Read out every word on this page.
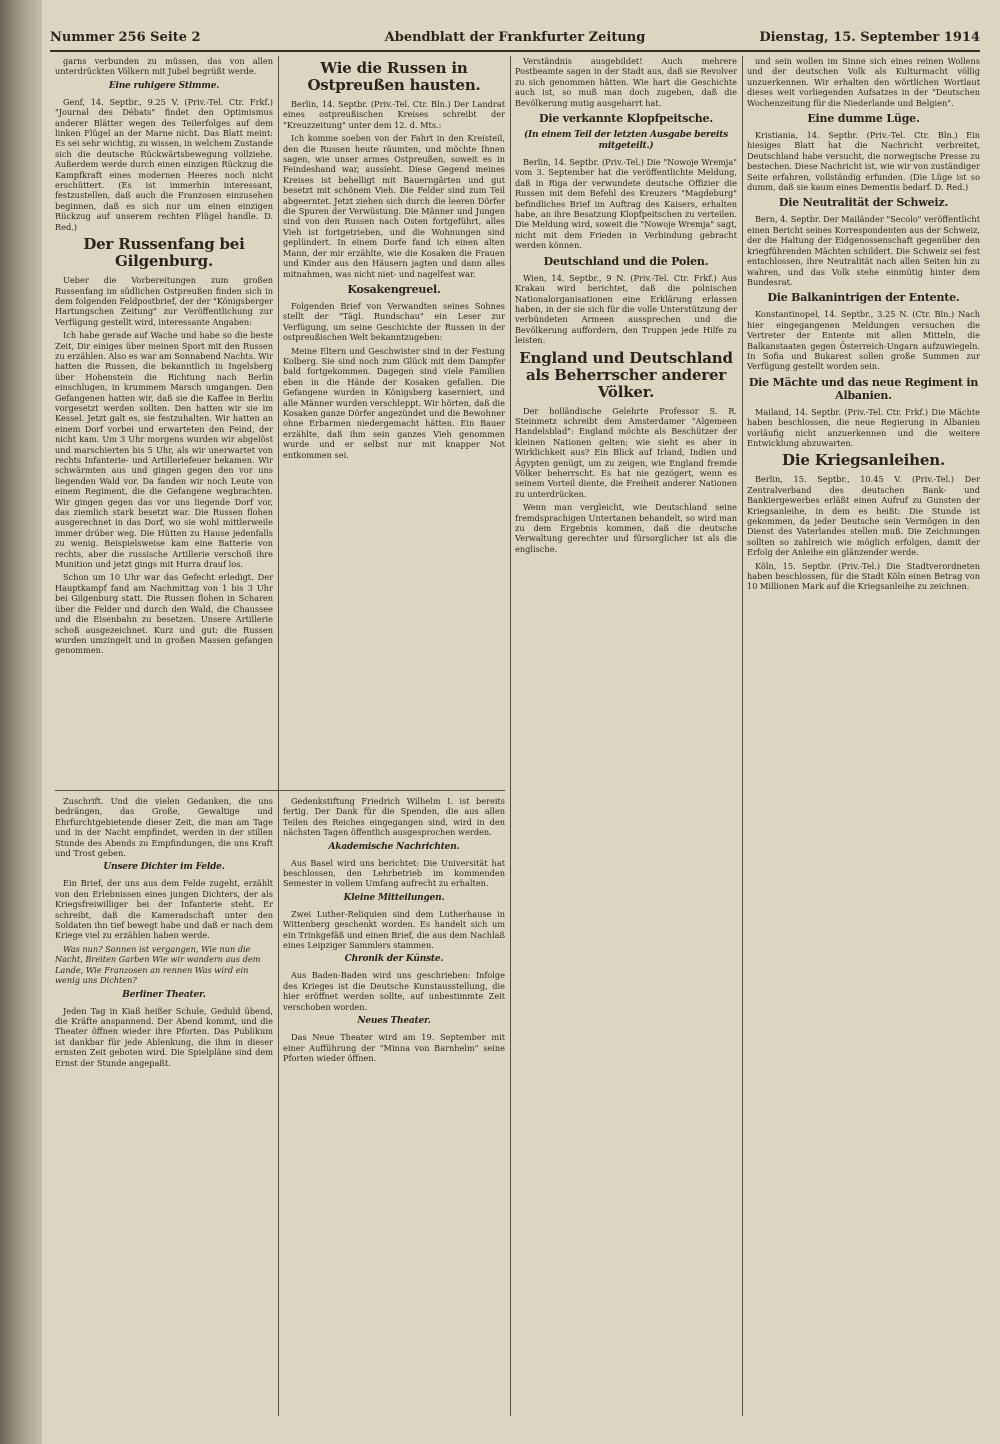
Nummer 256 Seite 2	Abendblatt der Frankfurter Zeitung	Dienstag, 15. September 1914

garns verbunden zu müssen, das von allen unterdrückten Völkern mit Jubel begrüßt werde.

Eine ruhigere Stimme.

Genf, 14. Septbr., 9.25 V. (Priv.-Tel. Ctr. Frkf.) "Journal des Débats" findet den Optimismus anderer Blätter wegen des Teilerfolges auf dem linken Flügel an der Marne nicht. Das Blatt meint: Es sei sehr wichtig, zu wissen, in welchem Zustande sich die deutsche Rückwärtsbewegung vollziehe. Außerdem werde durch einen einzigen Rückzug die Kampfkraft eines modernen Heeres noch nicht erschüttert. (Es ist immerhin interessant, festzustellen, daß auch die Franzosen einzusehen beginnen, daß es sich nur um einen einzigen Rückzug auf unserem rechten Flügel handle. D. Red.)

Der Russenfang bei Gilgenburg.

Ueber die Vorbereitungen zum großen Russenfang im südlichen Ostpreußen finden sich in dem folgenden Feldpostbrief, der der "Königsberger Hartungschen Zeitung" zur Veröffentlichung zur Verfügung gestellt wird, interessante Angaben:

Ich habe gerade auf Wache und habe so die beste Zeit, Dir einiges über meinen Sport mit den Russen zu erzählen. Also es war am Sonnabend Nachts. Wir hatten die Russen, die bekanntlich in Ingelsberg über Hohenstein die Richtung nach Berlin einschlugen, in krummem Marsch umgangen. Den Gefangenen hatten wir, daß sie die Kaffee in Berlin vorgesetzt werden sollten. Den hatten wir sie im Kessel. Jetzt galt es, sie festzuhalten. Wir hatten an einem Dorf vorbei und erwarteten den Feind, der nicht kam. Um 3 Uhr morgens wurden wir abgelöst und marschierten bis 5 Uhr, als wir unerwartet von rechts Infanterie- und Artilleriefeuer bekamen. Wir schwärmten aus und gingen gegen den vor uns liegenden Wald vor. Da fanden wir noch Leute von einem Regiment, die die Gefangene wegbrachten. Wir gingen gegen das vor uns liegende Dorf vor, das ziemlich stark besetzt war. Die Russen flohen ausgerechnet in das Dorf, wo sie wohl mittlerweile immer drüber weg. Die Hütten zu Hause jedenfalls zu wenig. Beispielsweise kam eine Batterie von rechts, aber die russische Artillerie verschoß ihre Munition und jetzt gings mit Hurra drauf los.

Schon um 10 Uhr war das Gefecht erledigt. Der Hauptkampf fand am Nachmittag von 1 bis 3 Uhr bei Gilgenburg statt. Die Russen flohen in Scharen über die Felder und durch den Wald, die Chaussee und die Eisenbahn zu besetzen. Unsere Artillerie schoß ausgezeichnet. Kurz und gut: die Russen wurden umzingelt und in großen Massen gefangen genommen.

Wie die Russen in Ostpreußen hausten.

Berlin, 14. Septbr. (Priv.-Tel. Ctr. Bln.) Der Landrat eines ostpreußischen Kreises schreibt der "Kreuzzeitung" unter dem 12. d. Mts.:

Ich komme soeben von der Fahrt in den Kreisteil, den die Russen heute räumten, und möchte Ihnen sagen, wie unser armes Ostpreußen, soweit es in Feindeshand war, aussieht. Diese Gegend meines Kreises ist behelligt mit Bauerngärten und gut besetzt mit schönem Vieh. Die Felder sind zum Teil abgeerntet. Jetzt ziehen sich durch die leeren Dörfer die Spuren der Verwüstung. Die Männer und Jungen sind von den Russen nach Osten fortgeführt, alles Vieh ist fortgetrieben, und die Wohnungen sind geplündert. In einem Dorfe fand ich einen alten Mann, der mir erzählte, wie die Kosaken die Frauen und Kinder aus den Häusern jagten und dann alles mitnahmen, was nicht niet- und nagelfest war.

Kosakengreuel.

Folgenden Brief von Verwandten seines Sohnes stellt der "Tägl. Rundschau" ein Leser zur Verfügung, um seine Geschichte der Russen in der ostpreußischen Welt bekanntzugeben:

Meine Eltern und Geschwister sind in der Festung Kolberg. Sie sind noch zum Glück mit dem Dampfer bald fortgekommen. Dagegen sind viele Familien eben in die Hände der Kosaken gefallen. Die Gefangene wurden in Königsberg kaserniert, und alle Männer wurden verschleppt. Wir hörten, daß die Kosaken ganze Dörfer angezündet und die Bewohner ohne Erbarmen niedergemacht hätten. Ein Bauer erzählte, daß ihm sein ganzes Vieh genommen wurde und er selbst nur mit knapper Not entkommen sei.

Verständnis ausgebildet! Auch mehrere Postbeamte sagen in der Stadt aus, daß sie Revolver zu sich genommen hätten. Wie hart die Geschichte auch ist, so muß man doch zugeben, daß die Bevölkerung mutig ausgeharrt hat.

Die verkannte Klopfpeitsche.
(In einem Teil der letzten Ausgabe bereits mitgeteilt.)

Berlin, 14. Septbr. (Priv.-Tel.) Die "Nowoje Wremja" vom 3. September hat die veröffentlichte Meldung, daß in Riga der verwundete deutsche Offizier die Russen mit dem Befehl des Kreuzers "Magdeburg" befindliches Brief im Auftrag des Kaisers, erhalten habe, an ihre Besatzung Klopfpeitschen zu verteilen. Die Meldung wird, soweit die "Nowoje Wremja" sagt, nicht mit dem Frieden in Verbindung gebracht werden können.

Deutschland und die Polen.

Wien, 14. Septbr., 9 N. (Priv.-Tel. Ctr. Frkf.) Aus Krakau wird berichtet, daß die polnischen Nationalorganisationen eine Erklärung erlassen haben, in der sie sich für die volle Unterstützung der verbündeten Armeen aussprechen und die Bevölkerung auffordern, den Truppen jede Hilfe zu leisten.

England und Deutschland als Beherrscher anderer Völker.

Der holländische Gelehrte Professor S. R. Steinmetz schreibt dem Amsterdamer "Algemeen Handelsblad": England möchte als Beschützer der kleinen Nationen gelten; wie sieht es aber in Wirklichkeit aus? Ein Blick auf Irland, Indien und Ägypten genügt, um zu zeigen, wie England fremde Völker beherrscht. Es hat nie gezögert, wenn es seinem Vorteil diente, die Freiheit anderer Nationen zu unterdrücken.

Wenn man vergleicht, wie Deutschland seine fremdsprachigen Untertanen behandelt, so wird man zu dem Ergebnis kommen, daß die deutsche Verwaltung gerechter und fürsorglicher ist als die englische.

und sein wollen im Sinne sich eines reinen Wollens und der deutschen Volk als Kulturmacht völlig unzuerkennen. Wir erhalten den wörtlichen Wortlaut dieses weit vorliegenden Aufsatzes in der "Deutschen Wochenzeitung für die Niederlande und Belgien".

Eine dumme Lüge.

Kristiania, 14. Septbr. (Priv.-Tel. Ctr. Bln.) Ein hiesiges Blatt hat die Nachricht verbreitet, Deutschland habe versucht, die norwegische Presse zu bestechen. Diese Nachricht ist, wie wir von zuständiger Seite erfahren, vollständig erfunden. (Die Lüge ist so dumm, daß sie kaum eines Dementis bedarf. D. Red.)

Die Neutralität der Schweiz.

Bern, 4. Septbr. Der Mailänder "Secolo" veröffentlicht einen Bericht seines Korrespondenten aus der Schweiz, der die Haltung der Eidgenossenschaft gegenüber den kriegführenden Mächten schildert. Die Schweiz sei fest entschlossen, ihre Neutralität nach allen Seiten hin zu wahren, und das Volk stehe einmütig hinter dem Bundesrat.

Die Balkanintrigen der Entente.

Konstantinopel, 14. Septbr., 3.25 N. (Ctr. Bln.) Nach hier eingegangenen Meldungen versuchen die Vertreter der Entente mit allen Mitteln, die Balkanstaaten gegen Österreich-Ungarn aufzuwiegeln. In Sofia und Bukarest sollen große Summen zur Verfügung gestellt worden sein.

Die Mächte und das neue Regiment in Albanien.

Mailand, 14. Septbr. (Priv.-Tel. Ctr. Frkf.) Die Mächte haben beschlossen, die neue Regierung in Albanien vorläufig nicht anzuerkennen und die weitere Entwicklung abzuwarten.

Die Kriegsanleihen.

Berlin, 15. Septbr., 10.45 V. (Priv.-Tel.) Der Zentralverband des deutschen Bank- und Bankiergewerbes erläßt einen Aufruf zu Gunsten der Kriegsanleihe, in dem es heißt: Die Stunde ist gekommen, da jeder Deutsche sein Vermögen in den Dienst des Vaterlandes stellen muß. Die Zeichnungen sollten so zahlreich wie möglich erfolgen, damit der Erfolg der Anleihe ein glänzender werde.

Köln, 15. Septbr. (Priv.-Tel.) Die Stadtverordneten haben beschlossen, für die Stadt Köln einen Betrag von 10 Millionen Mark auf die Kriegsanleihe zu zeichnen.

Zuschrift. Und die vielen Gedanken, die uns bedrängen, das Große, Gewaltige und Ehrfurchtgebietende dieser Zeit, die man am Tage und in der Nacht empfindet, werden in der stillen Stunde des Abends zu Empfindungen, die uns Kraft und Trost geben.

Unsere Dichter im Felde.

Ein Brief, der uns aus dem Felde zugeht, erzählt von den Erlebnissen eines jungen Dichters, der als Kriegsfreiwilliger bei der Infanterie steht. Er schreibt, daß die Kameradschaft unter den Soldaten ihn tief bewegt habe und daß er nach dem Kriege viel zu erzählen haben werde.

Was nun? Sonnen ist vergangen, Wie nun die Nacht, Breiten Garben Wie wir wandern aus dem Lande, Wie Franzosen an rennen Was wird ein wenig uns Dichten?

Berliner Theater.

Jeden Tag in Kiaß heißer Schule, Geduld übend, die Kräfte anspannend. Der Abend kommt, und die Theater öffnen wieder ihre Pforten. Das Publikum ist dankbar für jede Ablenkung, die ihm in dieser ernsten Zeit geboten wird. Die Spielpläne sind dem Ernst der Stunde angepaßt.

Gedenkstiftung Friedrich Wilhelm I. ist bereits fertig. Der Dank für die Spenden, die aus allen Teilen des Reiches eingegangen sind, wird in den nächsten Tagen öffentlich ausgesprochen werden.

Akademische Nachrichten.

Aus Basel wird uns berichtet: Die Universität hat beschlossen, den Lehrbetrieb im kommenden Semester in vollem Umfang aufrecht zu erhalten.

Kleine Mitteilungen.

Zwei Luther-Reliquien sind dem Lutherhause in Wittenberg geschenkt worden. Es handelt sich um ein Trinkgefäß und einen Brief, die aus dem Nachlaß eines Leipziger Sammlers stammen.

Chronik der Künste.

Aus Baden-Baden wird uns geschrieben: Infolge des Krieges ist die Deutsche Kunstausstellung, die hier eröffnet werden sollte, auf unbestimmte Zeit verschoben worden.

Neues Theater.

Das Neue Theater wird am 19. September mit einer Aufführung der "Minna von Barnhelm" seine Pforten wieder öffnen.
